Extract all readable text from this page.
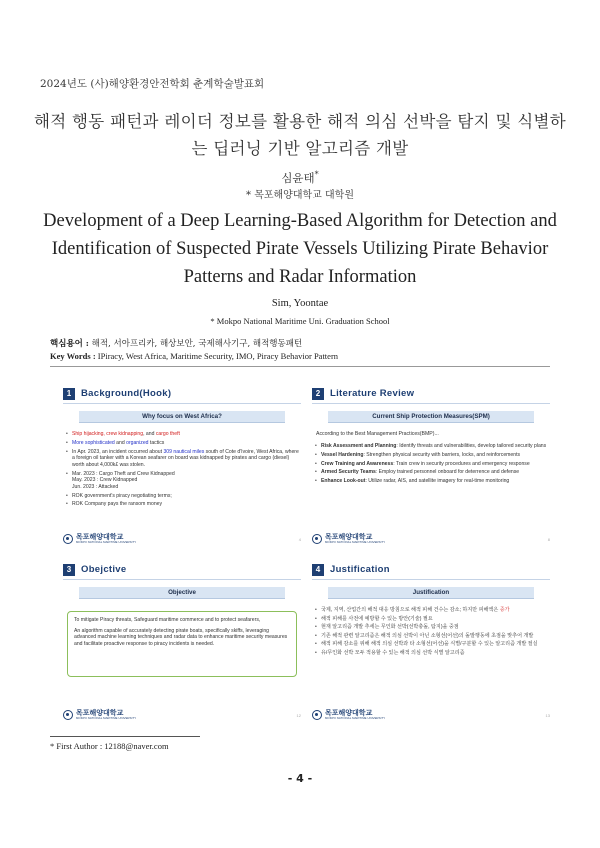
2024년도 (사)해양환경안전학회 춘계학술발표회
해적 행동 패턴과 레이더 정보를 활용한 해적 의심 선박을 탐지 및 식별하는 딥러닝 기반 알고리즘 개발
심윤태*
* 목포해양대학교 대학원
Development of a Deep Learning-Based Algorithm for Detection and Identification of Suspected Pirate Vessels Utilizing Pirate Behavior Patterns and Radar Information
Sim, Yoontae
* Mokpo National Maritime Uni. Graduation School
핵심용어 : 해적, 서아프리카, 해상보안, 국제해사기구, 해적행동패턴
Key Words : IPiracy, West Africa, Maritime Security, IMO, Piracy Behavior Pattern
1	Background(Hook)
Why focus on West Africa?
• Ship hijacking, crew kidnapping, and cargo theft
• More sophisticated and organized tactics
• In Apr. 2023, an incident occurred about 309 nautical miles south of Cote d'Ivoire, West Africa, where a foreign oil tanker with a Korean seafarer on board was kidnapped by pirates and cargo (diesel) worth about 4,000k£ was stolen.
• Mar. 2023 : Cargo Theft and Crew Kidnapped
May. 2023 : Crew Kidnapped
Jun. 2023 : Attacked
• ROK government's piracy negotiating terms;
• ROK Company pays the ransom money
목포해양대학교
MOKPO NATIONAL MARITIME UNIVERSITY	4
2	Literature Review
Current Ship Protection Measures(SPM)
According to the Best Management Practices(BMP)...
• Risk Assessment and Planning: Identify threats and vulnerabilities, develop tailored security plans
• Vessel Hardening: Strengthen physical security with barriers, locks, and reinforcements
• Crew Training and Awareness: Train crew in security procedures and emergency response
• Armed Security Teams: Employ trained personnel onboard for deterrence and defense
• Enhance Look-out: Utilize radar, AIS, and satellite imagery for real-time monitoring
목포해양대학교
MOKPO NATIONAL MARITIME UNIVERSITY	8
3	Obejctive
Objective

To mitigate Piracy threats, Safeguard maritime commerce and to protect seafarers,

An algorithm capable of accurately detecting pirate boats, specifically skiffs, leveraging advanced machine learning techniques and radar data to enhance maritime security measures and facilitate proactive response to piracy incidents is needed.

목포해양대학교
MOKPO NATIONAL MARITIME UNIVERSITY	12
4	Justification
Justification
• 국제, 지역, 산업간의 해적 대응 방침으로 해적 피해 건수는 감소; 하지만 피해액은 증가
• 해적 피해를 사전에 예방할 수 있는 방안(기술) 필요
• 현재 알고리즘 개발 추세는 무인화 선박(선박충돌, 탐지)을 중점
• 기존 해적 관련 알고리즘은 해적 의심 선박이 아닌 소형선(어선)의 돌발행동에 초점을 맞추어 개발
• 해적 피해 감소를 위해 해적 의심 선박과 타 소형선(어선)을 식별/구분할 수 있는 알고리즘 개발 절실
• 유/무인화 선박 모두 적용할 수 있는 해적 의심 선박 식별 알고리즘
목포해양대학교
MOKPO NATIONAL MARITIME UNIVERSITY	13
* First Author : 12188@naver.com
- 4 -
